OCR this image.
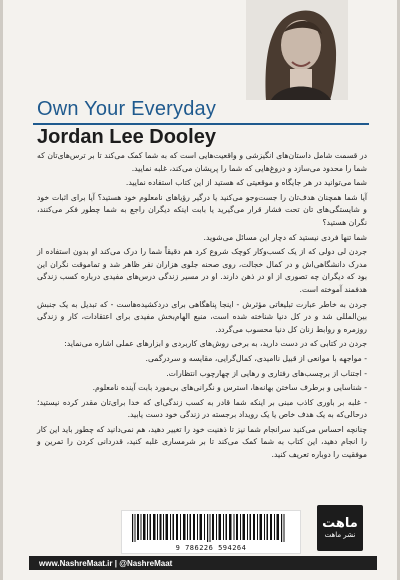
Own Your Everyday
Jordan Lee Dooley

در قسمت شامل داستان‌های انگیزشی و واقعیت‌هایی است که به شما کمک می‌کند تا بر ترس‌های‌تان که شما را محدود می‌سازد و دروغ‌هایی که شما را پریشان می‌کند، غلبه نمایید.

شما می‌توانید در هر جایگاه و موقعیتی که هستید از این کتاب استفاده نمایید.

آیا شما همچنان هدف‌تان را جست‌وجو می‌کنید یا درگیر رؤیاهای نامعلوم خود هستید؟ آیا برای اثبات خود و شایستگی‌های تان تحت فشار قرار می‌گیرید یا بابت اینکه دیگران راجع به شما چطور فکر می‌کنند، نگران هستید؟

شما تنها فردی نیستید که دچار این مسائل می‌شوید.

جردن لی دولی که از یک کسب‌وکار کوچک شروع کرد هم دقیقاً شما را درک می‌کند او بدون استفاده از مدرک دانشگاهی‌اش و در کمال خجالت، روی صحنه جلوی هزاران نفر ظاهر شد و تماموقت نگران این بود که دیگران چه تصوری از او در ذهن دارند. او در مسیر زندگی درس‌های مفیدی درباره کسب زندگی هدفمند آموخته است.

جردن به خاطر عبارت تبلیغاتی مؤثرش - اینجا پناهگاهی برای دردکشیده‌هاست - که تبدیل به یک جنبش بین‌المللی شد و در کل دنیا شناخته شده است، منبع الهام‌بخش مفیدی برای اعتقادات، کار و زندگی روزمره و روابط زنان کل دنیا محسوب می‌گردد.

جردن در کتابی که در دست دارید، به برخی روش‌های کاربردی و ابزارهای عملی اشاره می‌نماید:

- مواجهه با موانعی از قبیل ناامیدی، کمال‌گرایی، مقایسه و سردرگمی.

- اجتناب از برچسب‌های رفتاری و رهایی از چهارچوب انتظارات.

- شناسایی و برطرف ساختن بهانه‌ها، استرس و نگرانی‌های بی‌مورد بابت آینده نامعلوم.

- غلبه بر باوری کاذب مبنی بر اینکه شما قادر به کسب زندگی‌ای که خدا برای‌تان مقدر کرده نیستید؛ درحالی‌که به یک هدف خاص یا یک رویداد برجسته در زندگی خود دست یابید.

چنانچه احساس می‌کنید سرانجام شما نیز تا ذهنیت خود را تغییر دهید، هم نمی‌دانید که چطور باید این کار را انجام دهید، این کتاب به شما کمک می‌کند تا بر شرمساری غلبه کنید، قدردانی کردن را تمرین و موفقیت را دوباره تعریف کنید.

9 786226 594264
ماهت
نشر ماهت
www.NashreMaat.ir | @NashreMaat
